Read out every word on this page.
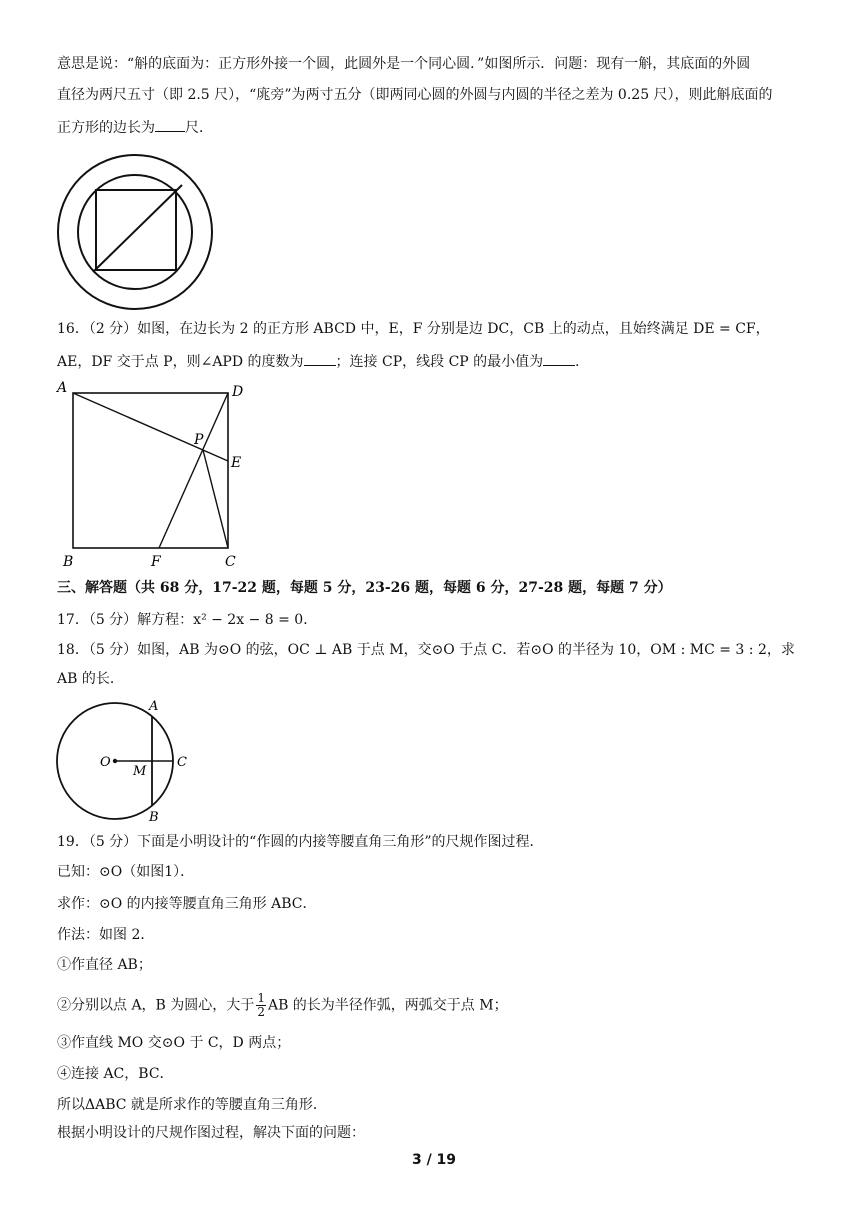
意思是说：“斛的底面为：正方形外接一个圆，此圆外是一个同心圆．”如图所示．问题：现有一斛，其底面的外圆
直径为两尺五寸（即 2.5 尺），“庣旁”为两寸五分（即两同心圆的外圆与内圆的半径之差为 0.25 尺），则此斛底面的
正方形的边长为 尺．
16．（2 分）如图，在边长为 2 的正方形 ABCD 中，E，F 分别是边 DC，CB 上的动点，且始终满足 DE = CF，
AE，DF 交于点 P，则∠APD 的度数为 ；连接 CP，线段 CP 的最小值为 ．
A	D
P
E
B	F	C
三、解答题（共 68 分，17-22 题，每题 5 分，23-26 题，每题 6 分，27-28 题，每题 7 分）
17．（5 分）解方程：x² − 2x − 8 = 0．
18．（5 分）如图，AB 为⊙O 的弦，OC ⊥ AB 于点 M，交⊙O 于点 C．若⊙O 的半径为 10，OM : MC = 3 : 2，求
AB 的长．
A
O
M
C
B
19．（5 分）下面是小明设计的“作圆的内接等腰直角三角形”的尺规作图过程．
已知：⊙O（如图1）．
求作：⊙O 的内接等腰直角三角形 ABC．
作法：如图 2．
①作直径 AB；
②分别以点 A，B 为圆心，大于 $\frac{1}{2}$ AB 的长为半径作弧，两弧交于点 M；
③作直线 MO 交⊙O 于 C，D 两点；
④连接 AC，BC．
所以ΔABC 就是所求作的等腰直角三角形．
根据小明设计的尺规作图过程，解决下面的问题：
3 / 19
